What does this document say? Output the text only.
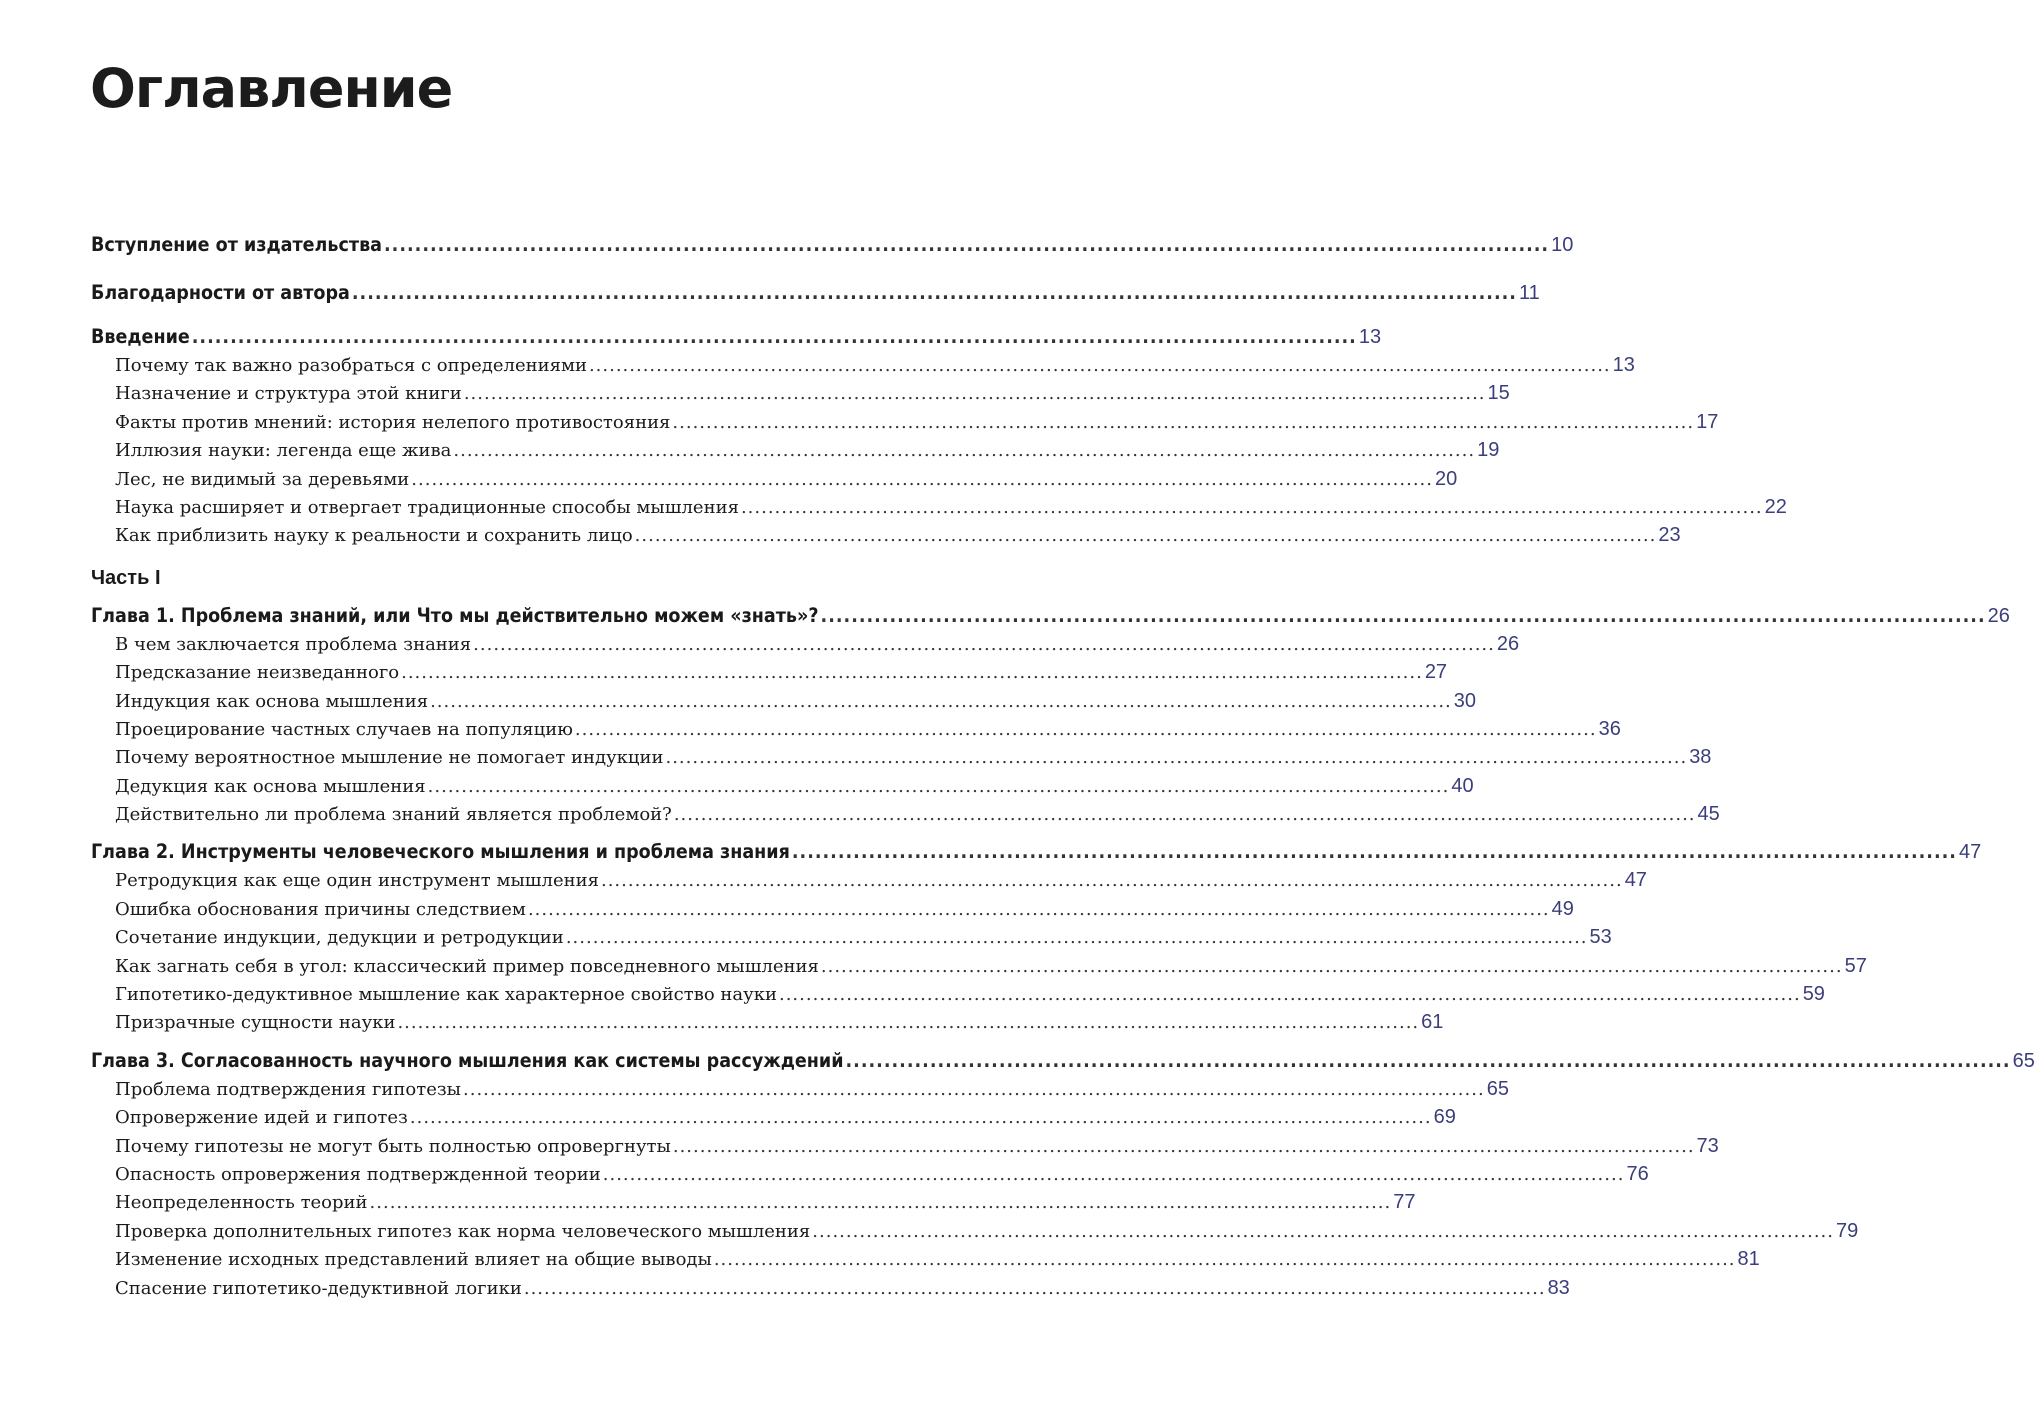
Оглавление
Вступление от издательства ........................................................................................................................................................ 10
Благодарности от автора ........................................................................................................................................................ 11
Введение ........................................................................................................................................................ 13
Почему так важно разобраться с определениями ........................................................................................................................................................ 13
Назначение и структура этой книги ........................................................................................................................................................ 15
Факты против мнений: история нелепого противостояния ........................................................................................................................................................ 17
Иллюзия науки: легенда еще жива ........................................................................................................................................................ 19
Лес, не видимый за деревьями ........................................................................................................................................................ 20
Наука расширяет и отвергает традиционные способы мышления ........................................................................................................................................................ 22
Как приблизить науку к реальности и сохранить лицо ........................................................................................................................................................ 23
Часть I
Глава 1. Проблема знаний, или Что мы действительно можем «знать»? ........................................................................................................................................................ 26
В чем заключается проблема знания ........................................................................................................................................................ 26
Предсказание неизведанного ........................................................................................................................................................ 27
Индукция как основа мышления ........................................................................................................................................................ 30
Проецирование частных случаев на популяцию ........................................................................................................................................................ 36
Почему вероятностное мышление не помогает индукции ........................................................................................................................................................ 38
Дедукция как основа мышления ........................................................................................................................................................ 40
Действительно ли проблема знаний является проблемой? ........................................................................................................................................................ 45
Глава 2. Инструменты человеческого мышления и проблема знания ........................................................................................................................................................ 47
Ретродукция как еще один инструмент мышления ........................................................................................................................................................ 47
Ошибка обоснования причины следствием ........................................................................................................................................................ 49
Сочетание индукции, дедукции и ретродукции ........................................................................................................................................................ 53
Как загнать себя в угол: классический пример повседневного мышления ........................................................................................................................................................ 57
Гипотетико-дедуктивное мышление как характерное свойство науки ........................................................................................................................................................ 59
Призрачные сущности науки ........................................................................................................................................................ 61
Глава 3. Согласованность научного мышления как системы рассуждений ........................................................................................................................................................ 65
Проблема подтверждения гипотезы ........................................................................................................................................................ 65
Опровержение идей и гипотез ........................................................................................................................................................ 69
Почему гипотезы не могут быть полностью опровергнуты ........................................................................................................................................................ 73
Опасность опровержения подтвержденной теории ........................................................................................................................................................ 76
Неопределенность теорий ........................................................................................................................................................ 77
Проверка дополнительных гипотез как норма человеческого мышления ........................................................................................................................................................ 79
Изменение исходных представлений влияет на общие выводы ........................................................................................................................................................ 81
Спасение гипотетико-дедуктивной логики ........................................................................................................................................................ 83
